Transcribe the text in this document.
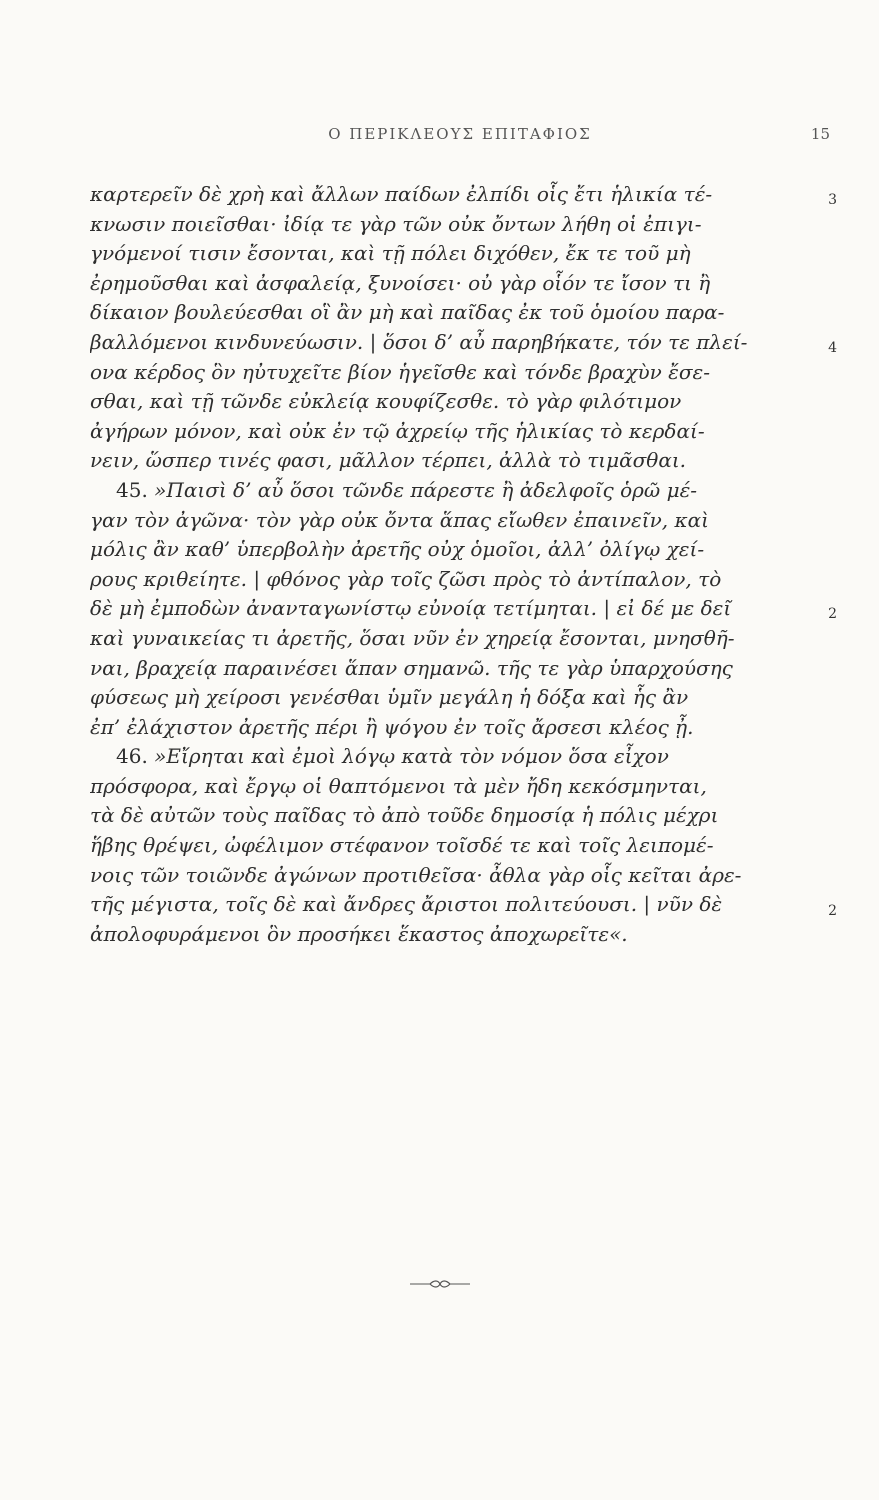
Ο ΠΕΡΙΚΛΕΟΥΣ ΕΠΙΤΑΦΙΟΣ	15
καρτερεῖν δὲ χρὴ καὶ ἄλλων παίδων ἐλπίδι οἷς ἔτι ἡλικία τέ-	3
κνωσιν ποιεῖσθαι· ἰδίᾳ τε γὰρ τῶν οὐκ ὄντων λήθη οἱ ἐπιγι-
γνόμενοί τισιν ἔσονται, καὶ τῇ πόλει διχόθεν, ἔκ τε τοῦ μὴ
ἐρημοῦσθαι καὶ ἀσφαλείᾳ, ξυνοίσει· οὐ γὰρ οἷόν τε ἴσον τι ἢ
δίκαιον βουλεύεσθαι οἳ ἂν μὴ καὶ παῖδας ἐκ τοῦ ὁμοίου παρα-
βαλλόμενοι κινδυνεύωσιν. | ὅσοι δ’ αὖ παρηβήκατε, τόν τε πλεί-	4
ονα κέρδος ὃν ηὐτυχεῖτε βίον ἡγεῖσθε καὶ τόνδε βραχὺν ἔσε-
σθαι, καὶ τῇ τῶνδε εὐκλείᾳ κουφίζεσθε. τὸ γὰρ φιλότιμον
ἀγήρων μόνον, καὶ οὐκ ἐν τῷ ἀχρείῳ τῆς ἡλικίας τὸ κερδαί-
νειν, ὥσπερ τινές φασι, μᾶλλον τέρπει, ἀλλὰ τὸ τιμᾶσθαι.
45. »Παισὶ δ’ αὖ ὅσοι τῶνδε πάρεστε ἢ ἀδελφοῖς ὁρῶ μέ-
γαν τὸν ἀγῶνα· τὸν γὰρ οὐκ ὄντα ἅπας εἴωθεν ἐπαινεῖν, καὶ
μόλις ἂν καθ’ ὑπερβολὴν ἀρετῆς οὐχ ὁμοῖοι, ἀλλ’ ὀλίγῳ χεί-
ρους κριθείητε. | φθόνος γὰρ τοῖς ζῶσι πρὸς τὸ ἀντίπαλον, τὸ
δὲ μὴ ἐμποδὼν ἀνανταγωνίστῳ εὐνοίᾳ τετίμηται. | εἰ δέ με δεῖ	2
καὶ γυναικείας τι ἀρετῆς, ὅσαι νῦν ἐν χηρείᾳ ἔσονται, μνησθῆ-
ναι, βραχείᾳ παραινέσει ἅπαν σημανῶ. τῆς τε γὰρ ὑπαρχούσης
φύσεως μὴ χείροσι γενέσθαι ὑμῖν μεγάλη ἡ δόξα καὶ ἧς ἂν
ἐπ’ ἐλάχιστον ἀρετῆς πέρι ἢ ψόγου ἐν τοῖς ἄρσεσι κλέος ᾖ.
46. »Εἴρηται καὶ ἐμοὶ λόγῳ κατὰ τὸν νόμον ὅσα εἶχον
πρόσφορα, καὶ ἔργῳ οἱ θαπτόμενοι τὰ μὲν ἤδη κεκόσμηνται,
τὰ δὲ αὐτῶν τοὺς παῖδας τὸ ἀπὸ τοῦδε δημοσίᾳ ἡ πόλις μέχρι
ἥβης θρέψει, ὠφέλιμον στέφανον τοῖσδέ τε καὶ τοῖς λειπομέ-
νοις τῶν τοιῶνδε ἀγώνων προτιθεῖσα· ἆθλα γὰρ οἷς κεῖται ἀρε-
τῆς μέγιστα, τοῖς δὲ καὶ ἄνδρες ἄριστοι πολιτεύουσι. | νῦν δὲ	2
ἀπολοφυράμενοι ὃν προσήκει ἕκαστος ἀποχωρεῖτε«.
